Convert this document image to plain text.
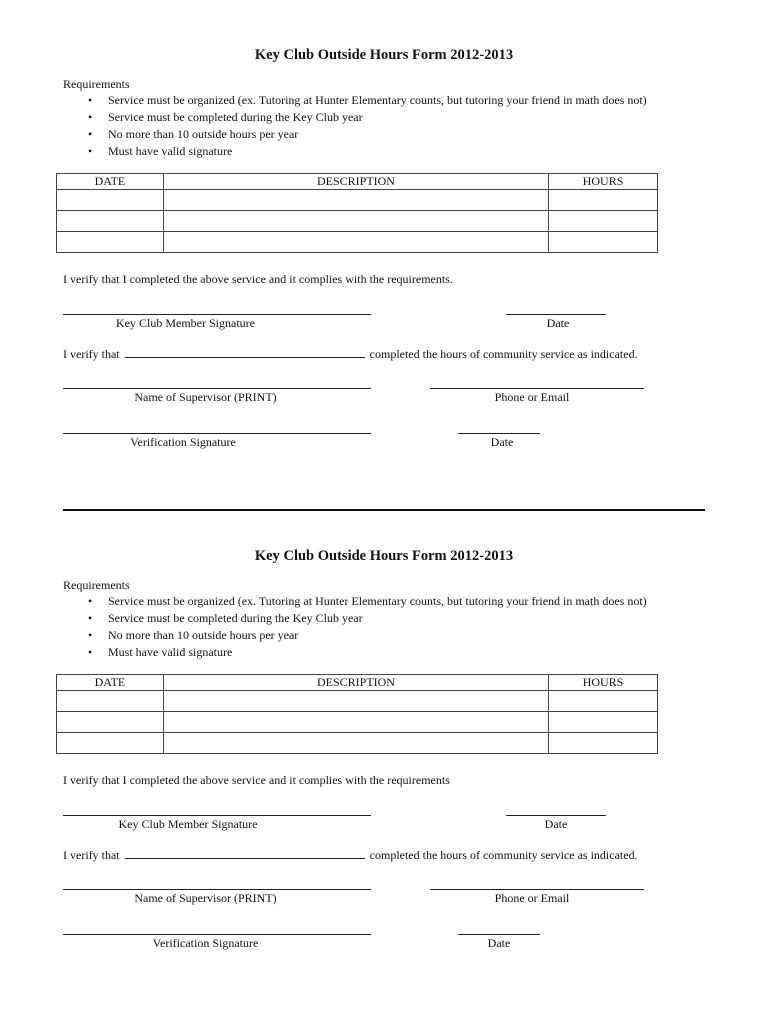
Key Club Outside Hours Form 2012-2013
Requirements
• Service must be organized (ex. Tutoring at Hunter Elementary counts, but tutoring your friend in math does not)
• Service must be completed during the Key Club year
• No more than 10 outside hours per year
• Must have valid signature
DATE	DESCRIPTION	HOURS

I verify that I completed the above service and it complies with the requirements.
Key Club Member Signature	Date
I verify that	completed the hours of community service as indicated.
Name of Supervisor (PRINT)	Phone or Email
Verification Signature	Date
Key Club Outside Hours Form 2012-2013
Requirements
• Service must be organized (ex. Tutoring at Hunter Elementary counts, but tutoring your friend in math does not)
• Service must be completed during the Key Club year
• No more than 10 outside hours per year
• Must have valid signature
DATE	DESCRIPTION	HOURS

I verify that I completed the above service and it complies with the requirements
Key Club Member Signature	Date
I verify that	completed the hours of community service as indicated.
Name of Supervisor (PRINT)	Phone or Email
Verification Signature	Date
